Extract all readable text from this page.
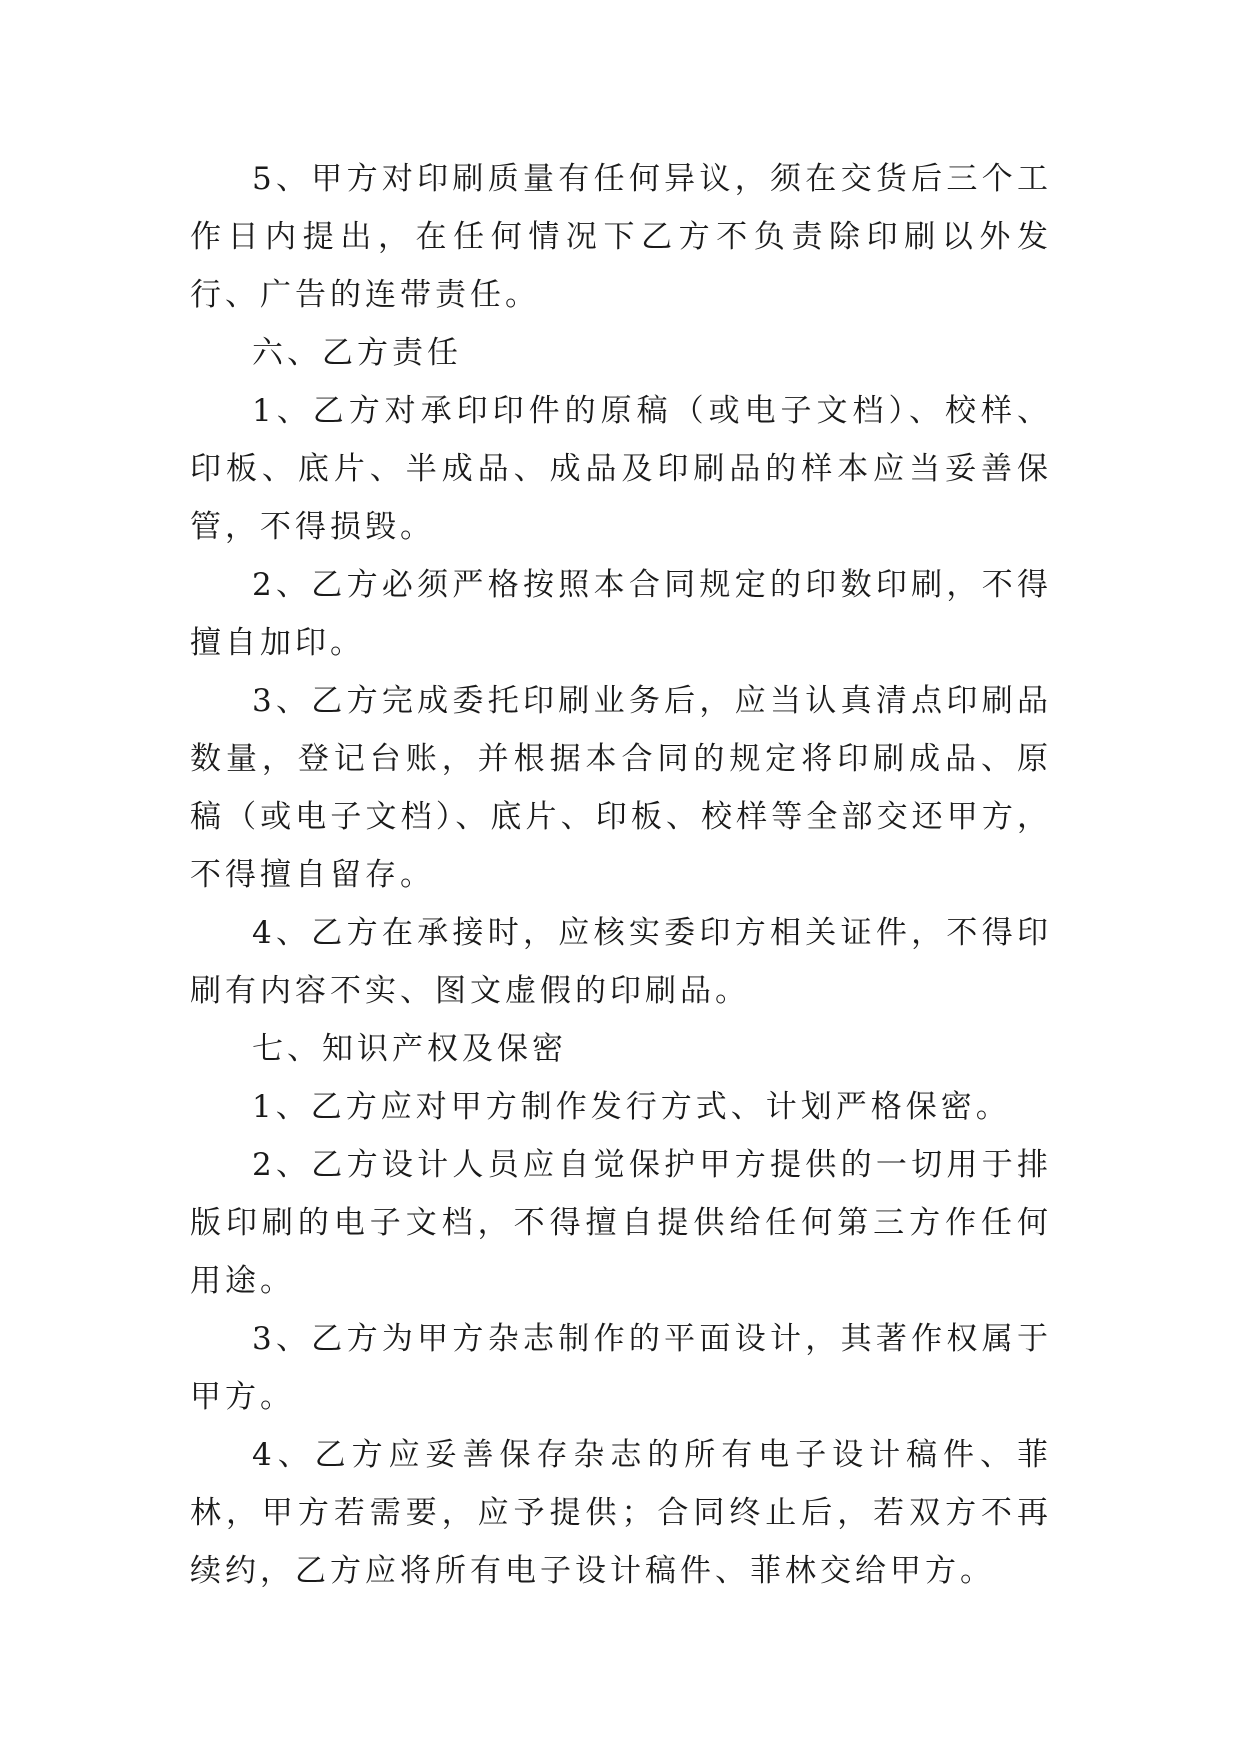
5、甲方对印刷质量有任何异议，须在交货后三个工作日内提出，在任何情况下乙方不负责除印刷以外发行、广告的连带责任。

六、乙方责任

1、乙方对承印印件的原稿（或电子文档）、校样、印板、底片、半成品、成品及印刷品的样本应当妥善保管，不得损毁。

2、乙方必须严格按照本合同规定的印数印刷，不得擅自加印。

3、乙方完成委托印刷业务后，应当认真清点印刷品数量，登记台账，并根据本合同的规定将印刷成品、原稿（或电子文档）、底片、印板、校样等全部交还甲方，不得擅自留存。

4、乙方在承接时，应核实委印方相关证件，不得印刷有内容不实、图文虚假的印刷品。

七、知识产权及保密

1、乙方应对甲方制作发行方式、计划严格保密。

2、乙方设计人员应自觉保护甲方提供的一切用于排版印刷的电子文档，不得擅自提供给任何第三方作任何用途。

3、乙方为甲方杂志制作的平面设计，其著作权属于甲方。

4、乙方应妥善保存杂志的所有电子设计稿件、菲林，甲方若需要，应予提供；合同终止后，若双方不再续约，乙方应将所有电子设计稿件、菲林交给甲方。
